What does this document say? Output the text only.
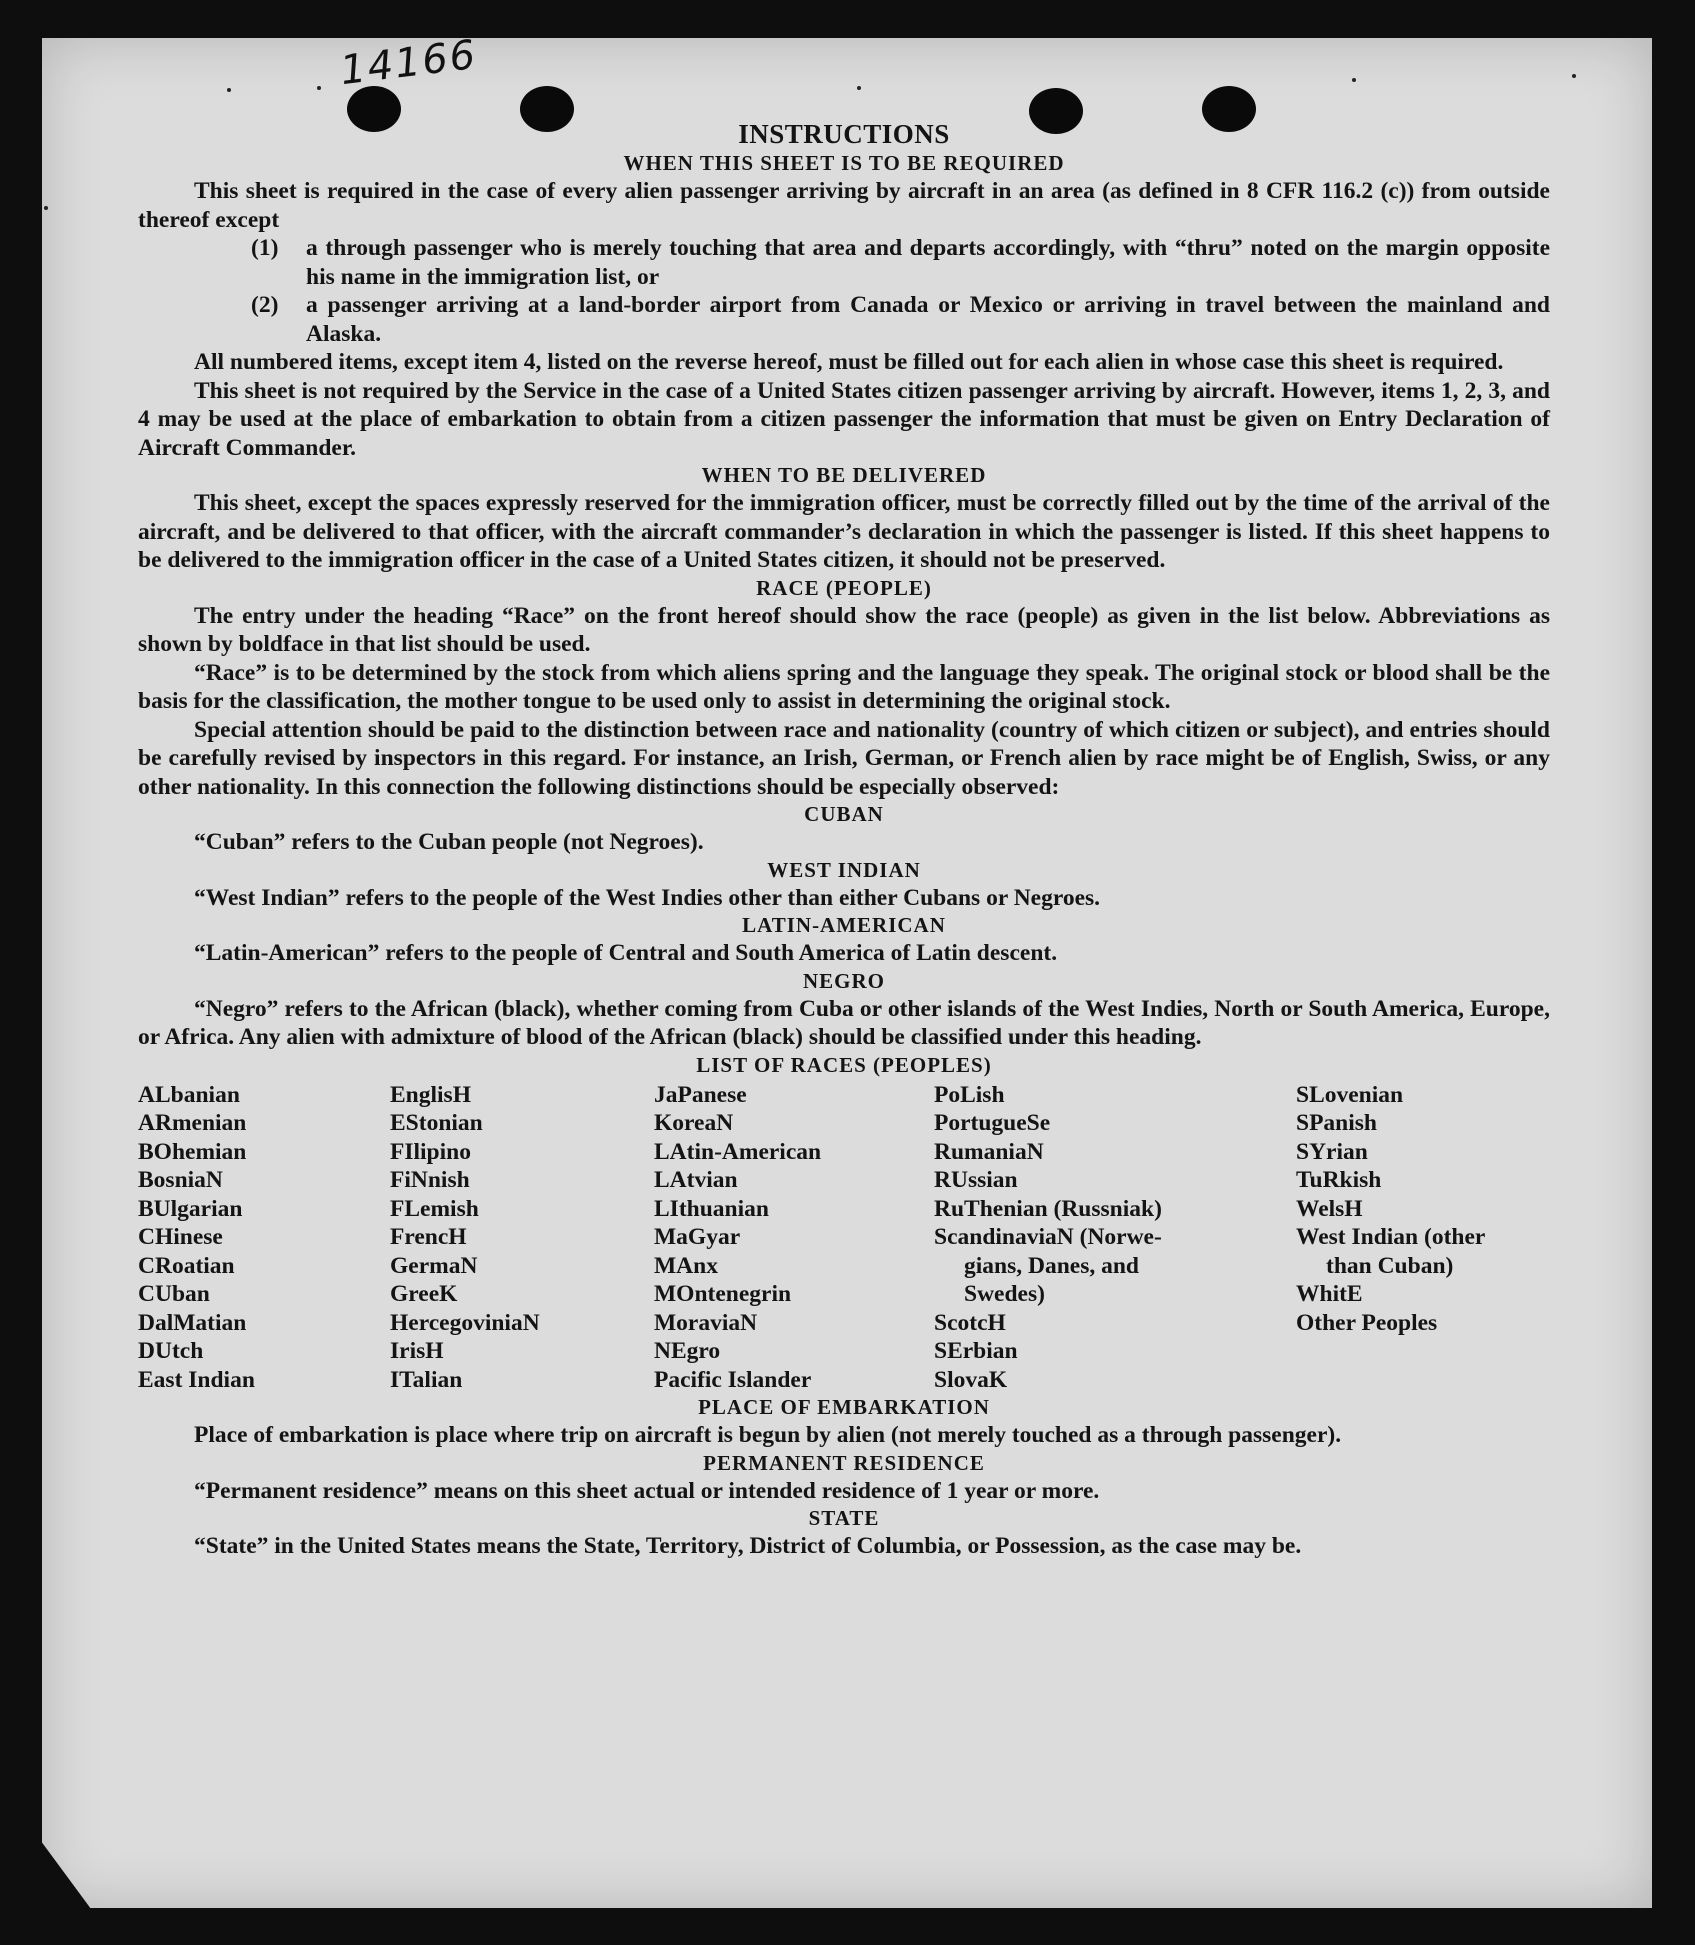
14166
INSTRUCTIONS
WHEN THIS SHEET IS TO BE REQUIRED

This sheet is required in the case of every alien passenger arriving by aircraft in an area (as defined in 8 CFR 116.2 (c)) from outside thereof except

(1)	a through passenger who is merely touching that area and departs accordingly, with “thru” noted on the margin opposite his name in the immigration list, or
(2)	a passenger arriving at a land-border airport from Canada or Mexico or arriving in travel between the mainland and Alaska.

All numbered items, except item 4, listed on the reverse hereof, must be filled out for each alien in whose case this sheet is required.

This sheet is not required by the Service in the case of a United States citizen passenger arriving by aircraft. However, items 1, 2, 3, and 4 may be used at the place of embarkation to obtain from a citizen passenger the information that must be given on Entry Declaration of Aircraft Commander.

WHEN TO BE DELIVERED

This sheet, except the spaces expressly reserved for the immigration officer, must be correctly filled out by the time of the arrival of the aircraft, and be delivered to that officer, with the aircraft commander’s declaration in which the passenger is listed. If this sheet happens to be delivered to the immigration officer in the case of a United States citizen, it should not be preserved.

RACE (PEOPLE)

The entry under the heading “Race” on the front hereof should show the race (people) as given in the list below. Abbreviations as shown by boldface in that list should be used.

“Race” is to be determined by the stock from which aliens spring and the language they speak. The original stock or blood shall be the basis for the classification, the mother tongue to be used only to assist in determining the original stock.

Special attention should be paid to the distinction between race and nationality (country of which citizen or subject), and entries should be carefully revised by inspectors in this regard. For instance, an Irish, German, or French alien by race might be of English, Swiss, or any other nationality. In this connection the following distinctions should be especially observed:

CUBAN

“Cuban” refers to the Cuban people (not Negroes).

WEST INDIAN

“West Indian” refers to the people of the West Indies other than either Cubans or Negroes.

LATIN-AMERICAN

“Latin-American” refers to the people of Central and South America of Latin descent.

NEGRO

“Negro” refers to the African (black), whether coming from Cuba or other islands of the West Indies, North or South America, Europe, or Africa. Any alien with admixture of blood of the African (black) should be classified under this heading.

LIST OF RACES (PEOPLES)
ALbanian
ARmenian
BOhemian
BosniaN
BUlgarian
CHinese
CRoatian
CUban
DalMatian
DUtch
East Indian
EnglisH
EStonian
FIlipino
FiNnish
FLemish
FrencH
GermaN
GreeK
HercegoviniaN
IrisH
ITalian
JaPanese
KoreaN
LAtin-American
LAtvian
LIthuanian
MaGyar
MAnx
MOntenegrin
MoraviaN
NEgro
Pacific Islander
PoLish
PortugueSe
RumaniaN
RUssian
RuThenian (Russniak)
ScandinaviaN (Norwe-
gians, Danes, and
Swedes)
ScotcH
SErbian
SlovaK
SLovenian
SPanish
SYrian
TuRkish
WelsH
West Indian (other
than Cuban)
WhitE
Other Peoples
PLACE OF EMBARKATION

Place of embarkation is place where trip on aircraft is begun by alien (not merely touched as a through passenger).

PERMANENT RESIDENCE

“Permanent residence” means on this sheet actual or intended residence of 1 year or more.

STATE

“State” in the United States means the State, Territory, District of Columbia, or Possession, as the case may be.
